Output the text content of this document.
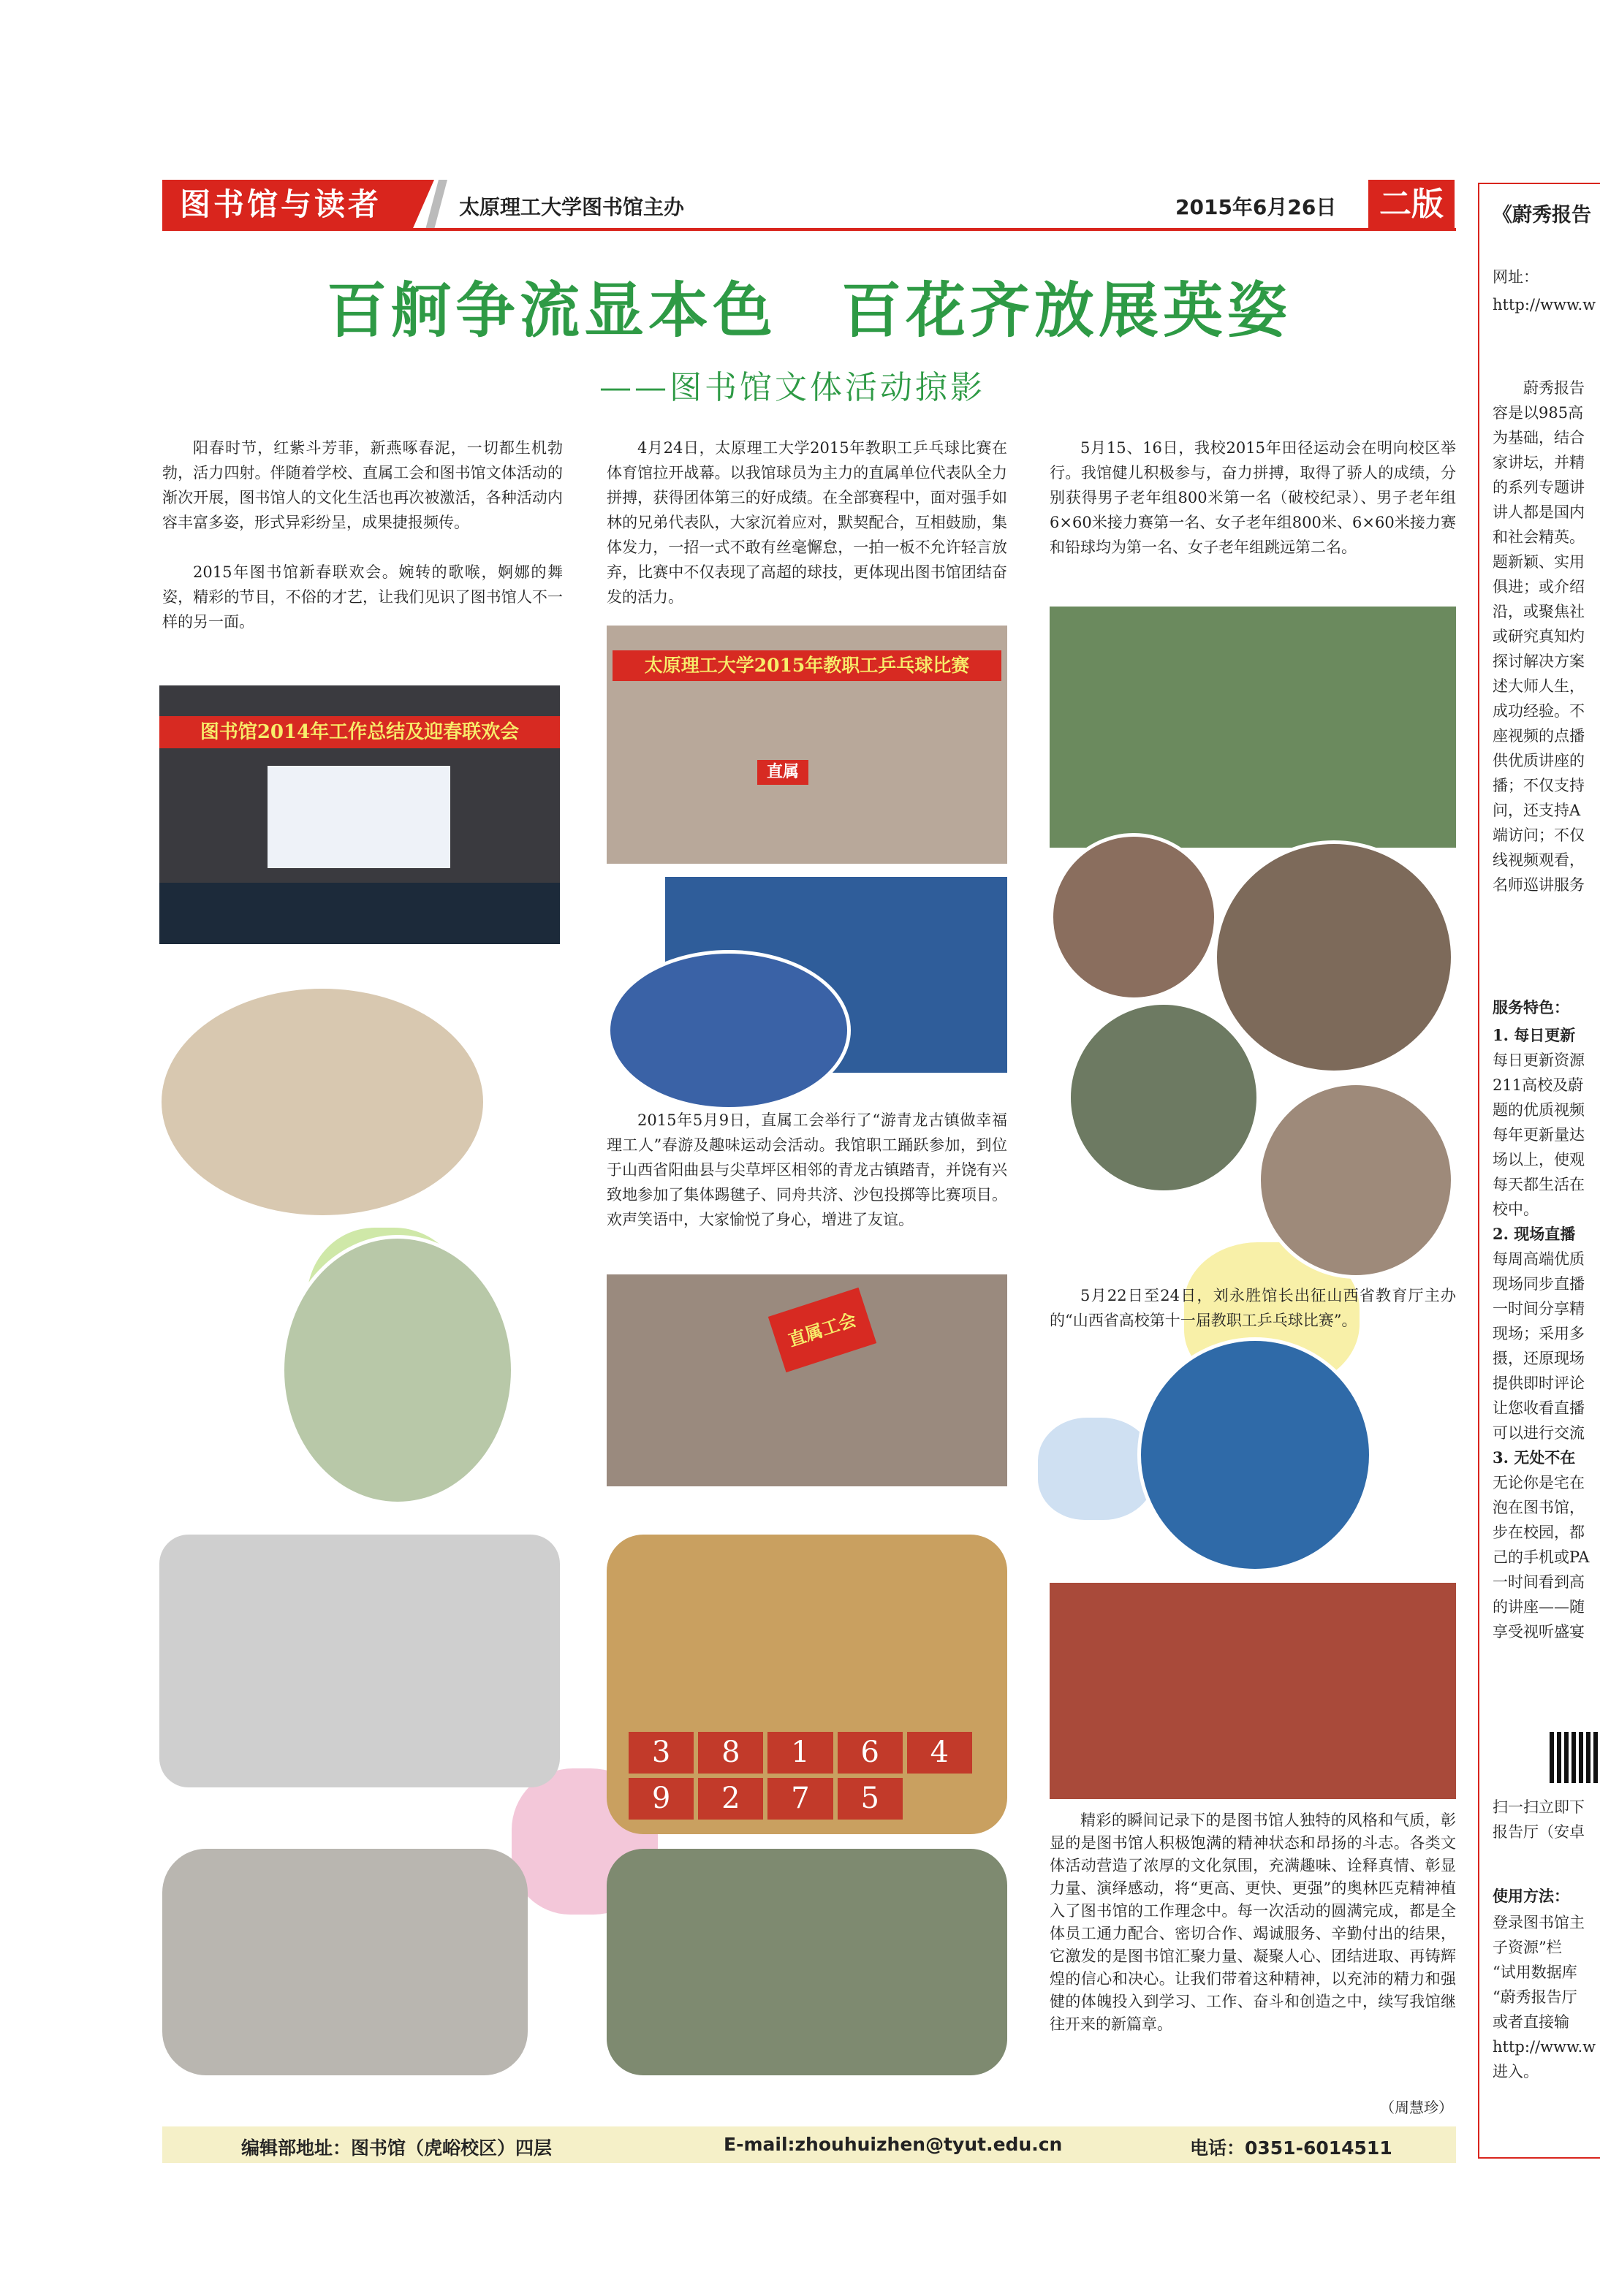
图书馆与读者	太原理工大学图书馆主办	2015年6月26日	二版
百舸争流显本色　百花齐放展英姿
——图书馆文体活动掠影

阳春时节，红紫斗芳菲，新燕啄春泥，一切都生机勃勃，活力四射。伴随着学校、直属工会和图书馆文体活动的渐次开展，图书馆人的文化生活也再次被激活，各种活动内容丰富多姿，形式异彩纷呈，成果捷报频传。

2015年图书馆新春联欢会。婉转的歌喉，婀娜的舞姿，精彩的节目，不俗的才艺，让我们见识了图书馆人不一样的另一面。

图书馆2014年工作总结及迎春联欢会

4月24日，太原理工大学2015年教职工乒乓球比赛在体育馆拉开战幕。以我馆球员为主力的直属单位代表队全力拼搏，获得团体第三的好成绩。在全部赛程中，面对强手如林的兄弟代表队，大家沉着应对，默契配合，互相鼓励，集体发力，一招一式不敢有丝毫懈怠，一拍一板不允许轻言放弃，比赛中不仅表现了高超的球技，更体现出图书馆团结奋发的活力。

太原理工大学2015年教职工乒乓球比赛
直属

2015年5月9日，直属工会举行了“游青龙古镇做幸福理工人”春游及趣味运动会活动。我馆职工踊跃参加，到位于山西省阳曲县与尖草坪区相邻的青龙古镇踏青，并饶有兴致地参加了集体踢毽子、同舟共济、沙包投掷等比赛项目。欢声笑语中，大家愉悦了身心，增进了友谊。

直属工会
3	8	1	6	4
9	2	7	5

5月15、16日，我校2015年田径运动会在明向校区举行。我馆健儿积极参与，奋力拼搏，取得了骄人的成绩，分别获得男子老年组800米第一名（破校纪录）、男子老年组6×60米接力赛第一名、女子老年组800米、6×60米接力赛和铅球均为第一名、女子老年组跳远第二名。

5月22日至24日，刘永胜馆长出征山西省教育厅主办的“山西省高校第十一届教职工乒乓球比赛”。

精彩的瞬间记录下的是图书馆人独特的风格和气质，彰显的是图书馆人积极饱满的精神状态和昂扬的斗志。各类文体活动营造了浓厚的文化氛围，充满趣味、诠释真情、彰显力量、演绎感动，将“更高、更快、更强”的奥林匹克精神植入了图书馆的工作理念中。每一次活动的圆满完成，都是全体员工通力配合、密切合作、竭诚服务、辛勤付出的结果，它激发的是图书馆汇聚力量、凝聚人心、团结进取、再铸辉煌的信心和决心。让我们带着这种精神，以充沛的精力和强健的体魄投入到学习、工作、奋斗和创造之中，续写我馆继往开来的新篇章。

（周慧珍）
编辑部地址：图书馆（虎峪校区）四层	E-mail:zhouhuizhen@tyut.edu.cn	电话：0351-6014511
《蔚秀报告
网址：
http://www.w
蔚秀报告
容是以985高
为基础，结合
家讲坛，并精
的系列专题讲
讲人都是国内
和社会精英。
题新颖、实用
俱进；或介绍
沿，或聚焦社
或研究真知灼
探讨解决方案
述大师人生，
成功经验。不
座视频的点播
供优质讲座的
播；不仅支持
问，还支持A
端访问；不仅
线视频观看，
名师巡讲服务
服务特色：
1. 每日更新
每日更新资源
211高校及蔚
题的优质视频
每年更新量达
场以上，使观
每天都生活在
校中。
2. 现场直播
每周高端优质
现场同步直播
一时间分享精
现场；采用多
摄，还原现场
提供即时评论
让您收看直播
可以进行交流
3. 无处不在
无论你是宅在
泡在图书馆，
步在校园，都
己的手机或PA
一时间看到高
的讲座——随
享受视听盛宴
扫一扫立即下
报告厅（安卓
使用方法：
登录图书馆主
子资源”栏
“试用数据库
“蔚秀报告厅
或者直接输
http://www.w
进入。
